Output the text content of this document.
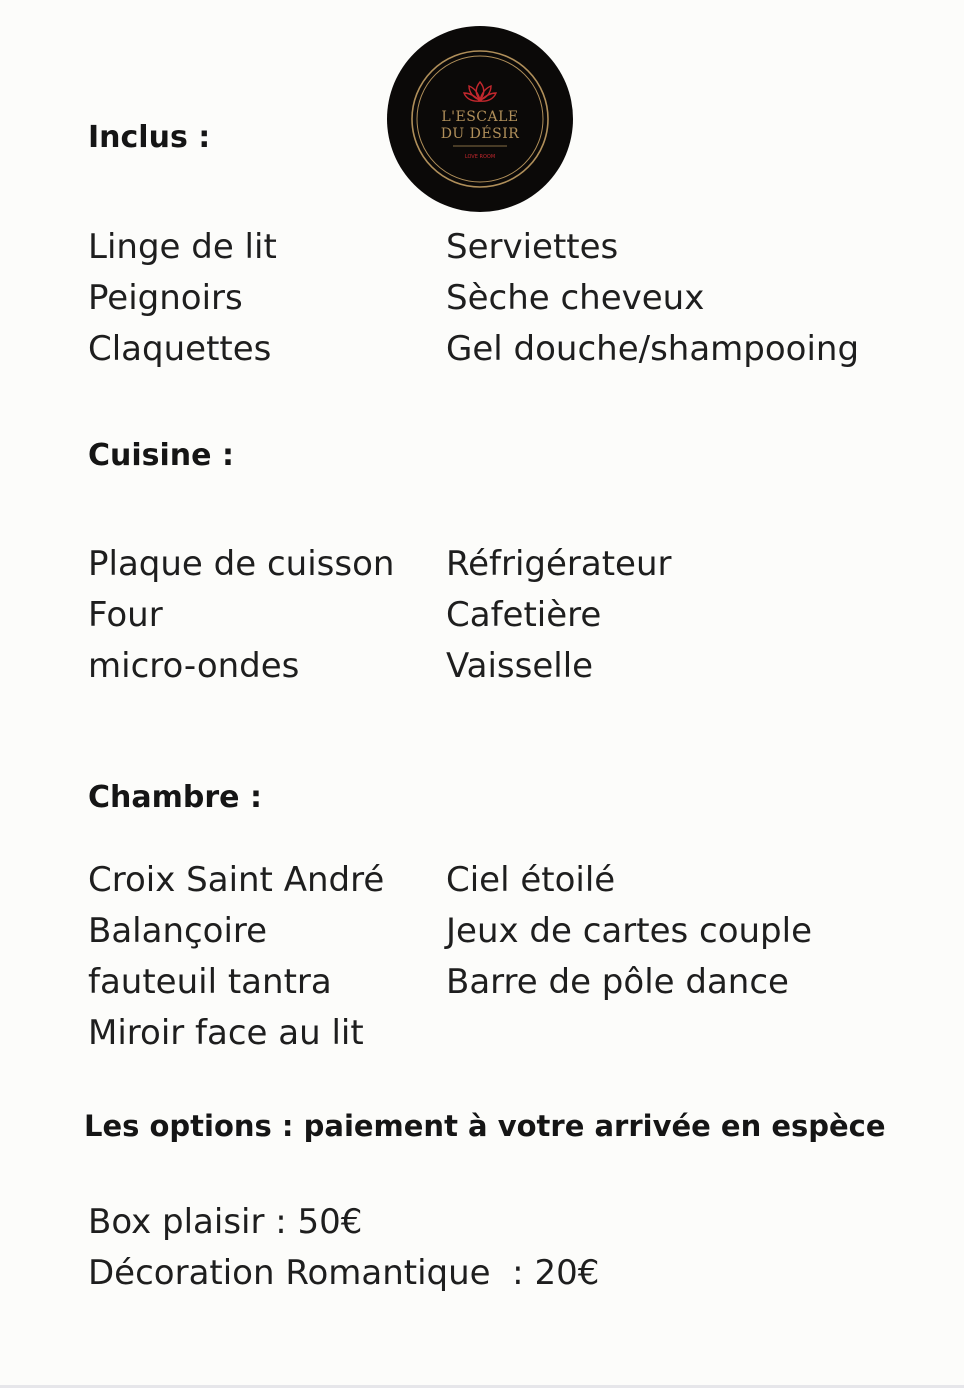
L'ESCALE
DU DÉSIR
LOVE ROOM
Inclus :
Linge de lit
Peignoirs
Claquettes
Serviettes
Sèche cheveux
Gel douche/shampooing
Cuisine :
Plaque de cuisson
Four
micro-ondes
Réfrigérateur
Cafetière
Vaisselle
Chambre :
Croix Saint André
Balançoire
fauteuil tantra
Miroir face au lit
Ciel étoilé
Jeux de cartes couple
Barre de pôle dance
Les options : paiement à votre arrivée en espèce
Box plaisir : 50€
Décoration Romantique  : 20€
